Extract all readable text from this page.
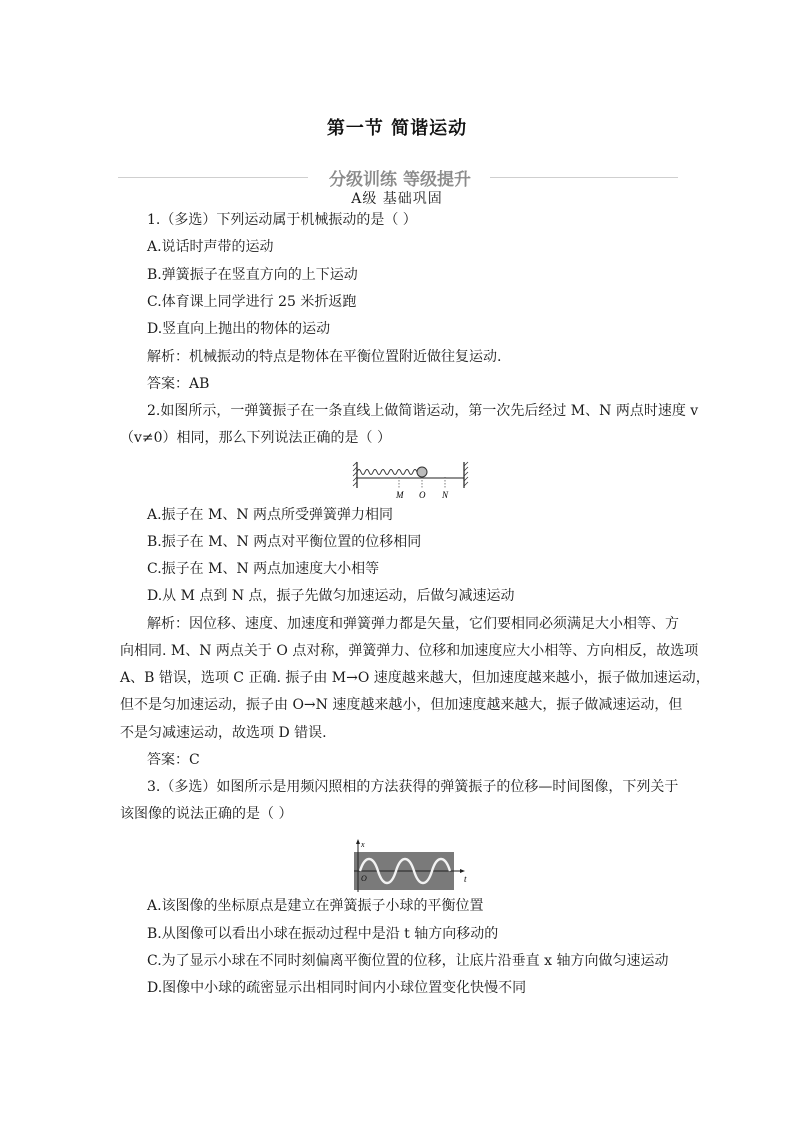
第一节 简谐运动
分级训练 等级提升
A级 基础巩固
1.（多选）下列运动属于机械振动的是（ ）
A.说话时声带的运动
B.弹簧振子在竖直方向的上下运动
C.体育课上同学进行 25 米折返跑
D.竖直向上抛出的物体的运动
解析：机械振动的特点是物体在平衡位置附近做往复运动.
答案：AB
2.如图所示，一弹簧振子在一条直线上做简谐运动，第一次先后经过 M、N 两点时速度 v
（v≠0）相同，那么下列说法正确的是（ ）
A.振子在 M、N 两点所受弹簧弹力相同
B.振子在 M、N 两点对平衡位置的位移相同
C.振子在 M、N 两点加速度大小相等
D.从 M 点到 N 点，振子先做匀加速运动，后做匀减速运动
解析：因位移、速度、加速度和弹簧弹力都是矢量，它们要相同必须满足大小相等、方
向相同. M、N 两点关于 O 点对称，弹簧弹力、位移和加速度应大小相等、方向相反，故选项
A、B 错误，选项 C 正确. 振子由 M→O 速度越来越大，但加速度越来越小，振子做加速运动，
但不是匀加速运动，振子由 O→N 速度越来越小，但加速度越来越大，振子做减速运动，但
不是匀减速运动，故选项 D 错误.
答案：C
3.（多选）如图所示是用频闪照相的方法获得的弹簧振子的位移—时间图像，下列关于
该图像的说法正确的是（ ）
A.该图像的坐标原点是建立在弹簧振子小球的平衡位置
B.从图像可以看出小球在振动过程中是沿 t 轴方向移动的
C.为了显示小球在不同时刻偏离平衡位置的位移，让底片沿垂直 x 轴方向做匀速运动
D.图像中小球的疏密显示出相同时间内小球位置变化快慢不同
M O N
x
t
O
